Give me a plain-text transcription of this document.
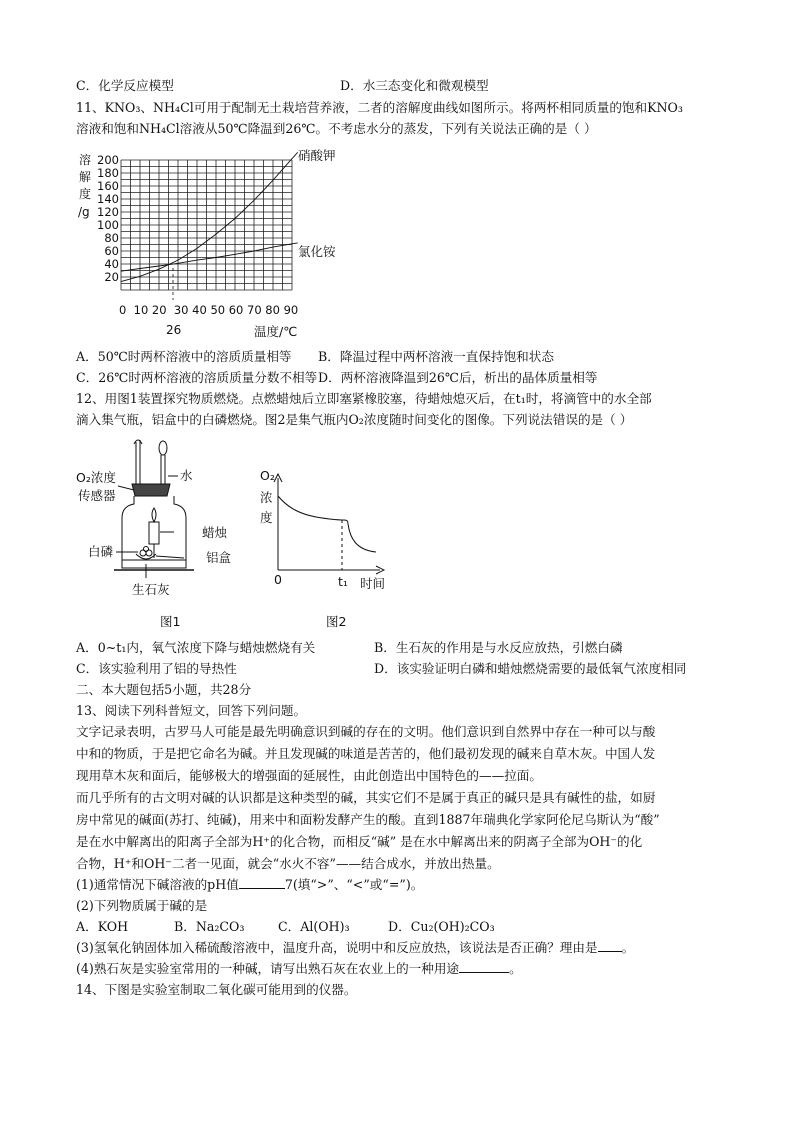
C．化学反应模型	D．水三态变化和微观模型
11、KNO₃、NH₄Cl可用于配制无土栽培营养液，二者的溶解度曲线如图所示。将两杯相同质量的饱和KNO₃
溶液和饱和NH₄Cl溶液从50℃降温到26℃。不考虑水分的蒸发，下列有关说法正确的是（ ）
溶
解
度
/g
200
180
160
140
120
100
80
60
40
20
0  10 20  30 40 50 60 70 80 90
26	温度/℃
硝酸钾
氯化铵
A．50℃时两杯溶液中的溶质质量相等 B．降温过程中两杯溶液一直保持饱和状态
C．26℃时两杯溶液的溶质质量分数不相等 D．两杯溶液降温到26℃后，析出的晶体质量相等
12、用图1装置探究物质燃烧。点燃蜡烛后立即塞紧橡胶塞，待蜡烛熄灭后，在t₁时，将滴管中的水全部
滴入集气瓶，铝盒中的白磷燃烧。图2是集气瓶内O₂浓度随时间变化的图像。下列说法错误的是（ ）
O₂浓度
传感器
水
蜡烛
白磷	铝盒
生石灰
图1
O₂
浓
度
0	t₁ 时间
图2
A．0~t₁内，氧气浓度下降与蜡烛燃烧有关	B．生石灰的作用是与水反应放热，引燃白磷
C．该实验利用了铝的导热性	D．该实验证明白磷和蜡烛燃烧需要的最低氧气浓度相同
二、本大题包括5小题，共28分
13、阅读下列科普短文，回答下列问题。
文字记录表明，古罗马人可能是最先明确意识到碱的存在的文明。他们意识到自然界中存在一种可以与酸
中和的物质，于是把它命名为碱。并且发现碱的味道是苦苦的，他们最初发现的碱来自草木灰。中国人发
现用草木灰和面后，能够极大的增强面的延展性，由此创造出中国特色的——拉面。
而几乎所有的古文明对碱的认识都是这种类型的碱，其实它们不是属于真正的碱只是具有碱性的盐，如厨
房中常见的碱面(苏打、纯碱)，用来中和面粉发酵产生的酸。直到1887年瑞典化学家阿伦尼乌斯认为“酸”
是在水中解离出的阳离子全部为H⁺的化合物，而相反“碱” 是在水中解离出来的阴离子全部为OH⁻的化
合物，H⁺和OH⁻二者一见面，就会“水火不容”——结合成水，并放出热量。
(1)通常情况下碱溶液的pH值	7(填“>”、“<”或“=”)。
(2)下列物质属于碱的是
A．KOH	B．Na₂CO₃	C．Al(OH)₃	D．Cu₂(OH)₂CO₃
(3)氢氧化钠固体加入稀硫酸溶液中，温度升高，说明中和反应放热，该说法是否正确？理由是 。
(4)熟石灰是实验室常用的一种碱，请写出熟石灰在农业上的一种用途	。
14、下图是实验室制取二氧化碳可能用到的仪器。
